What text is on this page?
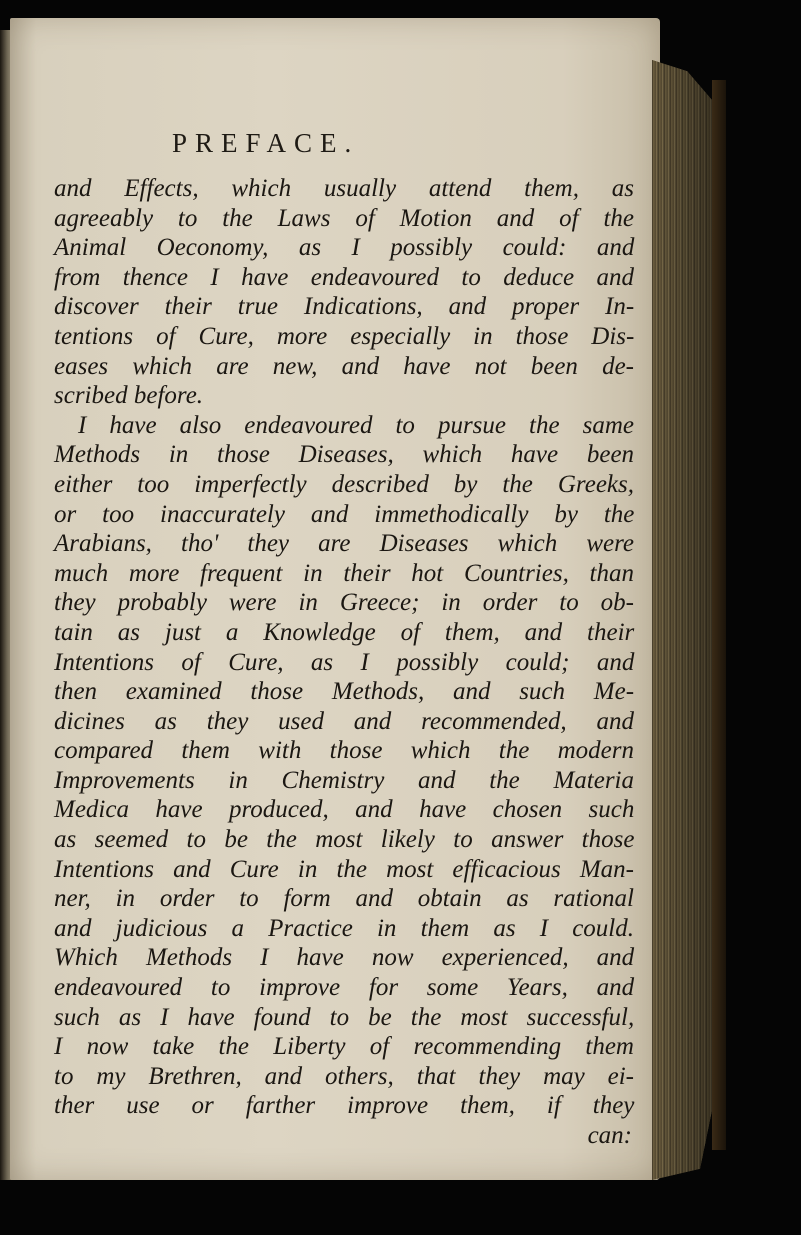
PREFACE.
and Effects, which usually attend them, as
agreeably to the Laws of Motion and of the
Animal Oeconomy, as I possibly could: and
from thence I have endeavoured to deduce and
discover their true Indications, and proper In-
tentions of Cure, more especially in those Dis-
eases which are new, and have not been de-
scribed before.
I have also endeavoured to pursue the same
Methods in those Diseases, which have been
either too imperfectly described by the Greeks,
or too inaccurately and immethodically by the
Arabians, tho' they are Diseases which were
much more frequent in their hot Countries, than
they probably were in Greece; in order to ob-
tain as just a Knowledge of them, and their
Intentions of Cure, as I possibly could; and
then examined those Methods, and such Me-
dicines as they used and recommended, and
compared them with those which the modern
Improvements in Chemistry and the Materia
Medica have produced, and have chosen such
as seemed to be the most likely to answer those
Intentions and Cure in the most efficacious Man-
ner, in order to form and obtain as rational
and judicious a Practice in them as I could.
Which Methods I have now experienced, and
endeavoured to improve for some Years, and
such as I have found to be the most successful,
I now take the Liberty of recommending them
to my Brethren, and others, that they may ei-
ther use or farther improve them, if they
can:
